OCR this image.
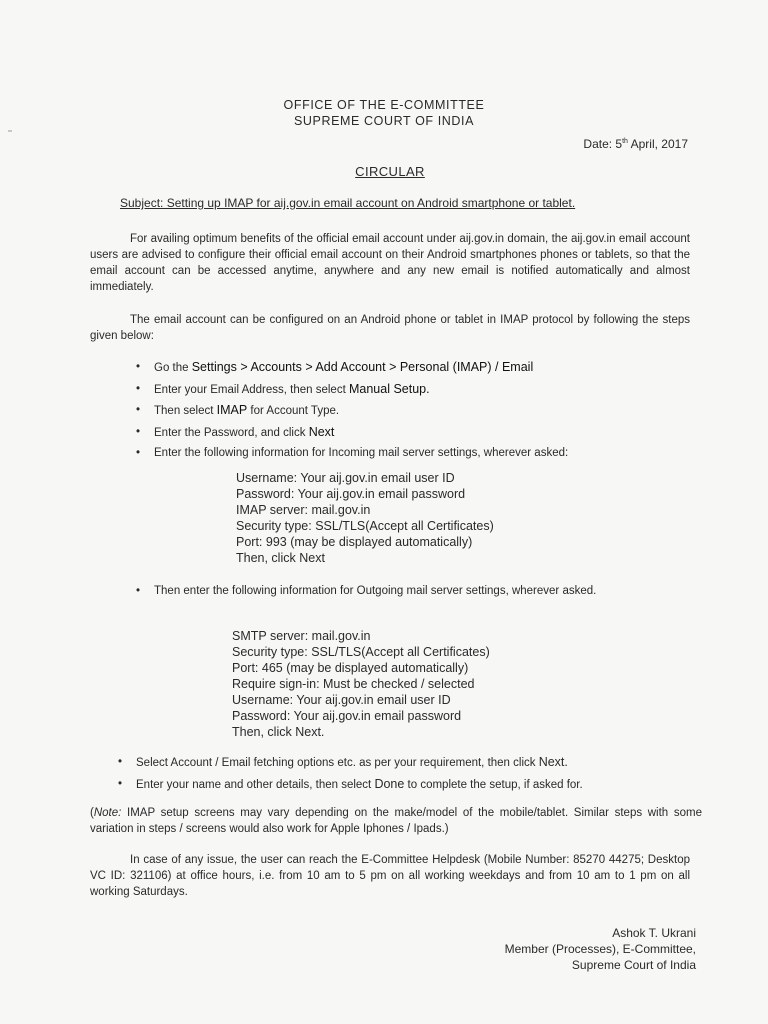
OFFICE OF THE E-COMMITTEE
SUPREME COURT OF INDIA
Date: 5th April, 2017
CIRCULAR
Subject: Setting up IMAP for aij.gov.in email account on Android smartphone or tablet.
For availing optimum benefits of the official email account under aij.gov.in domain, the aij.gov.in email account users are advised to configure their official email account on their Android smartphones phones or tablets, so that the email account can be accessed anytime, anywhere and any new email is notified automatically and almost immediately.
The email account can be configured on an Android phone or tablet in IMAP protocol by following the steps given below:
• Go the Settings > Accounts > Add Account > Personal (IMAP) / Email
• Enter your Email Address, then select Manual Setup.
• Then select IMAP for Account Type.
• Enter the Password, and click Next
• Enter the following information for Incoming mail server settings, wherever asked:
Username: Your aij.gov.in email user ID
Password: Your aij.gov.in email password
IMAP server: mail.gov.in
Security type: SSL/TLS(Accept all Certificates)
Port: 993 (may be displayed automatically)
Then, click Next
• Then enter the following information for Outgoing mail server settings, wherever asked.
SMTP server: mail.gov.in
Security type: SSL/TLS(Accept all Certificates)
Port: 465 (may be displayed automatically)
Require sign-in: Must be checked / selected
Username: Your aij.gov.in email user ID
Password: Your aij.gov.in email password
Then, click Next.
• Select Account / Email fetching options etc. as per your requirement, then click Next.
• Enter your name and other details, then select Done to complete the setup, if asked for.
(Note: IMAP setup screens may vary depending on the make/model of the mobile/tablet. Similar steps with some variation in steps / screens would also work for Apple Iphones / Ipads.)
In case of any issue, the user can reach the E-Committee Helpdesk (Mobile Number: 85270 44275; Desktop VC ID: 321106) at office hours, i.e. from 10 am to 5 pm on all working weekdays and from 10 am to 1 pm on all working Saturdays.
Ashok T. Ukrani
Member (Processes), E-Committee,
Supreme Court of India
